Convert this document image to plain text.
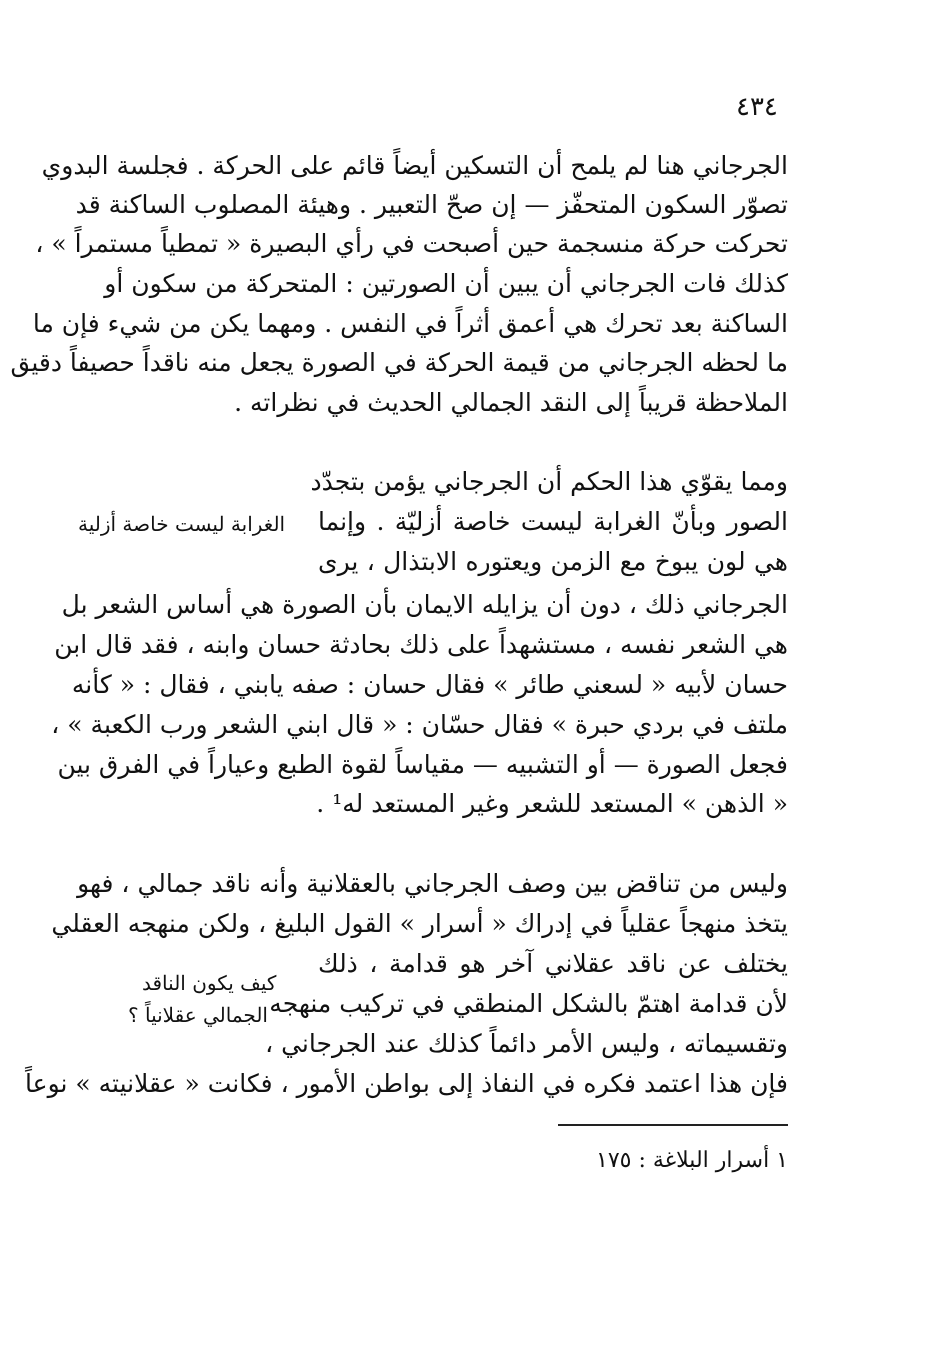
٤٣٤
الجرجاني هنا لم يلمح أن التسكين أيضاً قائم على الحركة . فجلسة البدوي
تصوّر السكون المتحفّز — إن صحّ التعبير . وهيئة المصلوب الساكنة قد
تحركت حركة منسجمة حين أصبحت في رأي البصيرة « تمطياً مستمراً » ،
كذلك فات الجرجاني أن يبين أن الصورتين : المتحركة من سكون أو
الساكنة بعد تحرك هي أعمق أثراً في النفس . ومهما يكن من شيء فإن ما
ما لحظه الجرجاني من قيمة الحركة في الصورة يجعل منه ناقداً حصيفاً دقيق
الملاحظة قريباً إلى النقد الجمالي الحديث في نظراته .
ومما يقوّي هذا الحكم أن الجرجاني يؤمن بتجدّد
الصور وبأنّ الغرابة ليست خاصة أزليّة . وإنما
هي لون يبوخ مع الزمن ويعتوره الابتذال ، يرى
الغرابة ليست خاصة أزلية
الجرجاني ذلك ، دون أن يزايله الايمان بأن الصورة هي أساس الشعر بل
هي الشعر نفسه ، مستشهداً على ذلك بحادثة حسان وابنه ، فقد قال ابن
حسان لأبيه « لسعني طائر » فقال حسان : صفه يابني ، فقال : « كأنه
ملتف في بردي حبرة » فقال حسّان : « قال ابني الشعر ورب الكعبة » ،
فجعل الصورة — أو التشبيه — مقياساً لقوة الطبع وعياراً في الفرق بين
« الذهن » المستعد للشعر وغير المستعد له¹ .
وليس من تناقض بين وصف الجرجاني بالعقلانية وأنه ناقد جمالي ، فهو
يتخذ منهجاً عقلياً في إدراك « أسرار » القول البليغ ، ولكن منهجه العقلي
يختلف عن ناقد عقلاني آخر هو قدامة ، ذلك
لأن قدامة اهتمّ بالشكل المنطقي في تركيب منهجه
وتقسيماته ، وليس الأمر دائماً كذلك عند الجرجاني ،
كيف يكون الناقد
الجمالي عقلانياً ؟
فإن هذا اعتمد فكره في النفاذ إلى بواطن الأمور ، فكانت « عقلانيته » نوعاً
١ أسرار البلاغة : ١٧٥
